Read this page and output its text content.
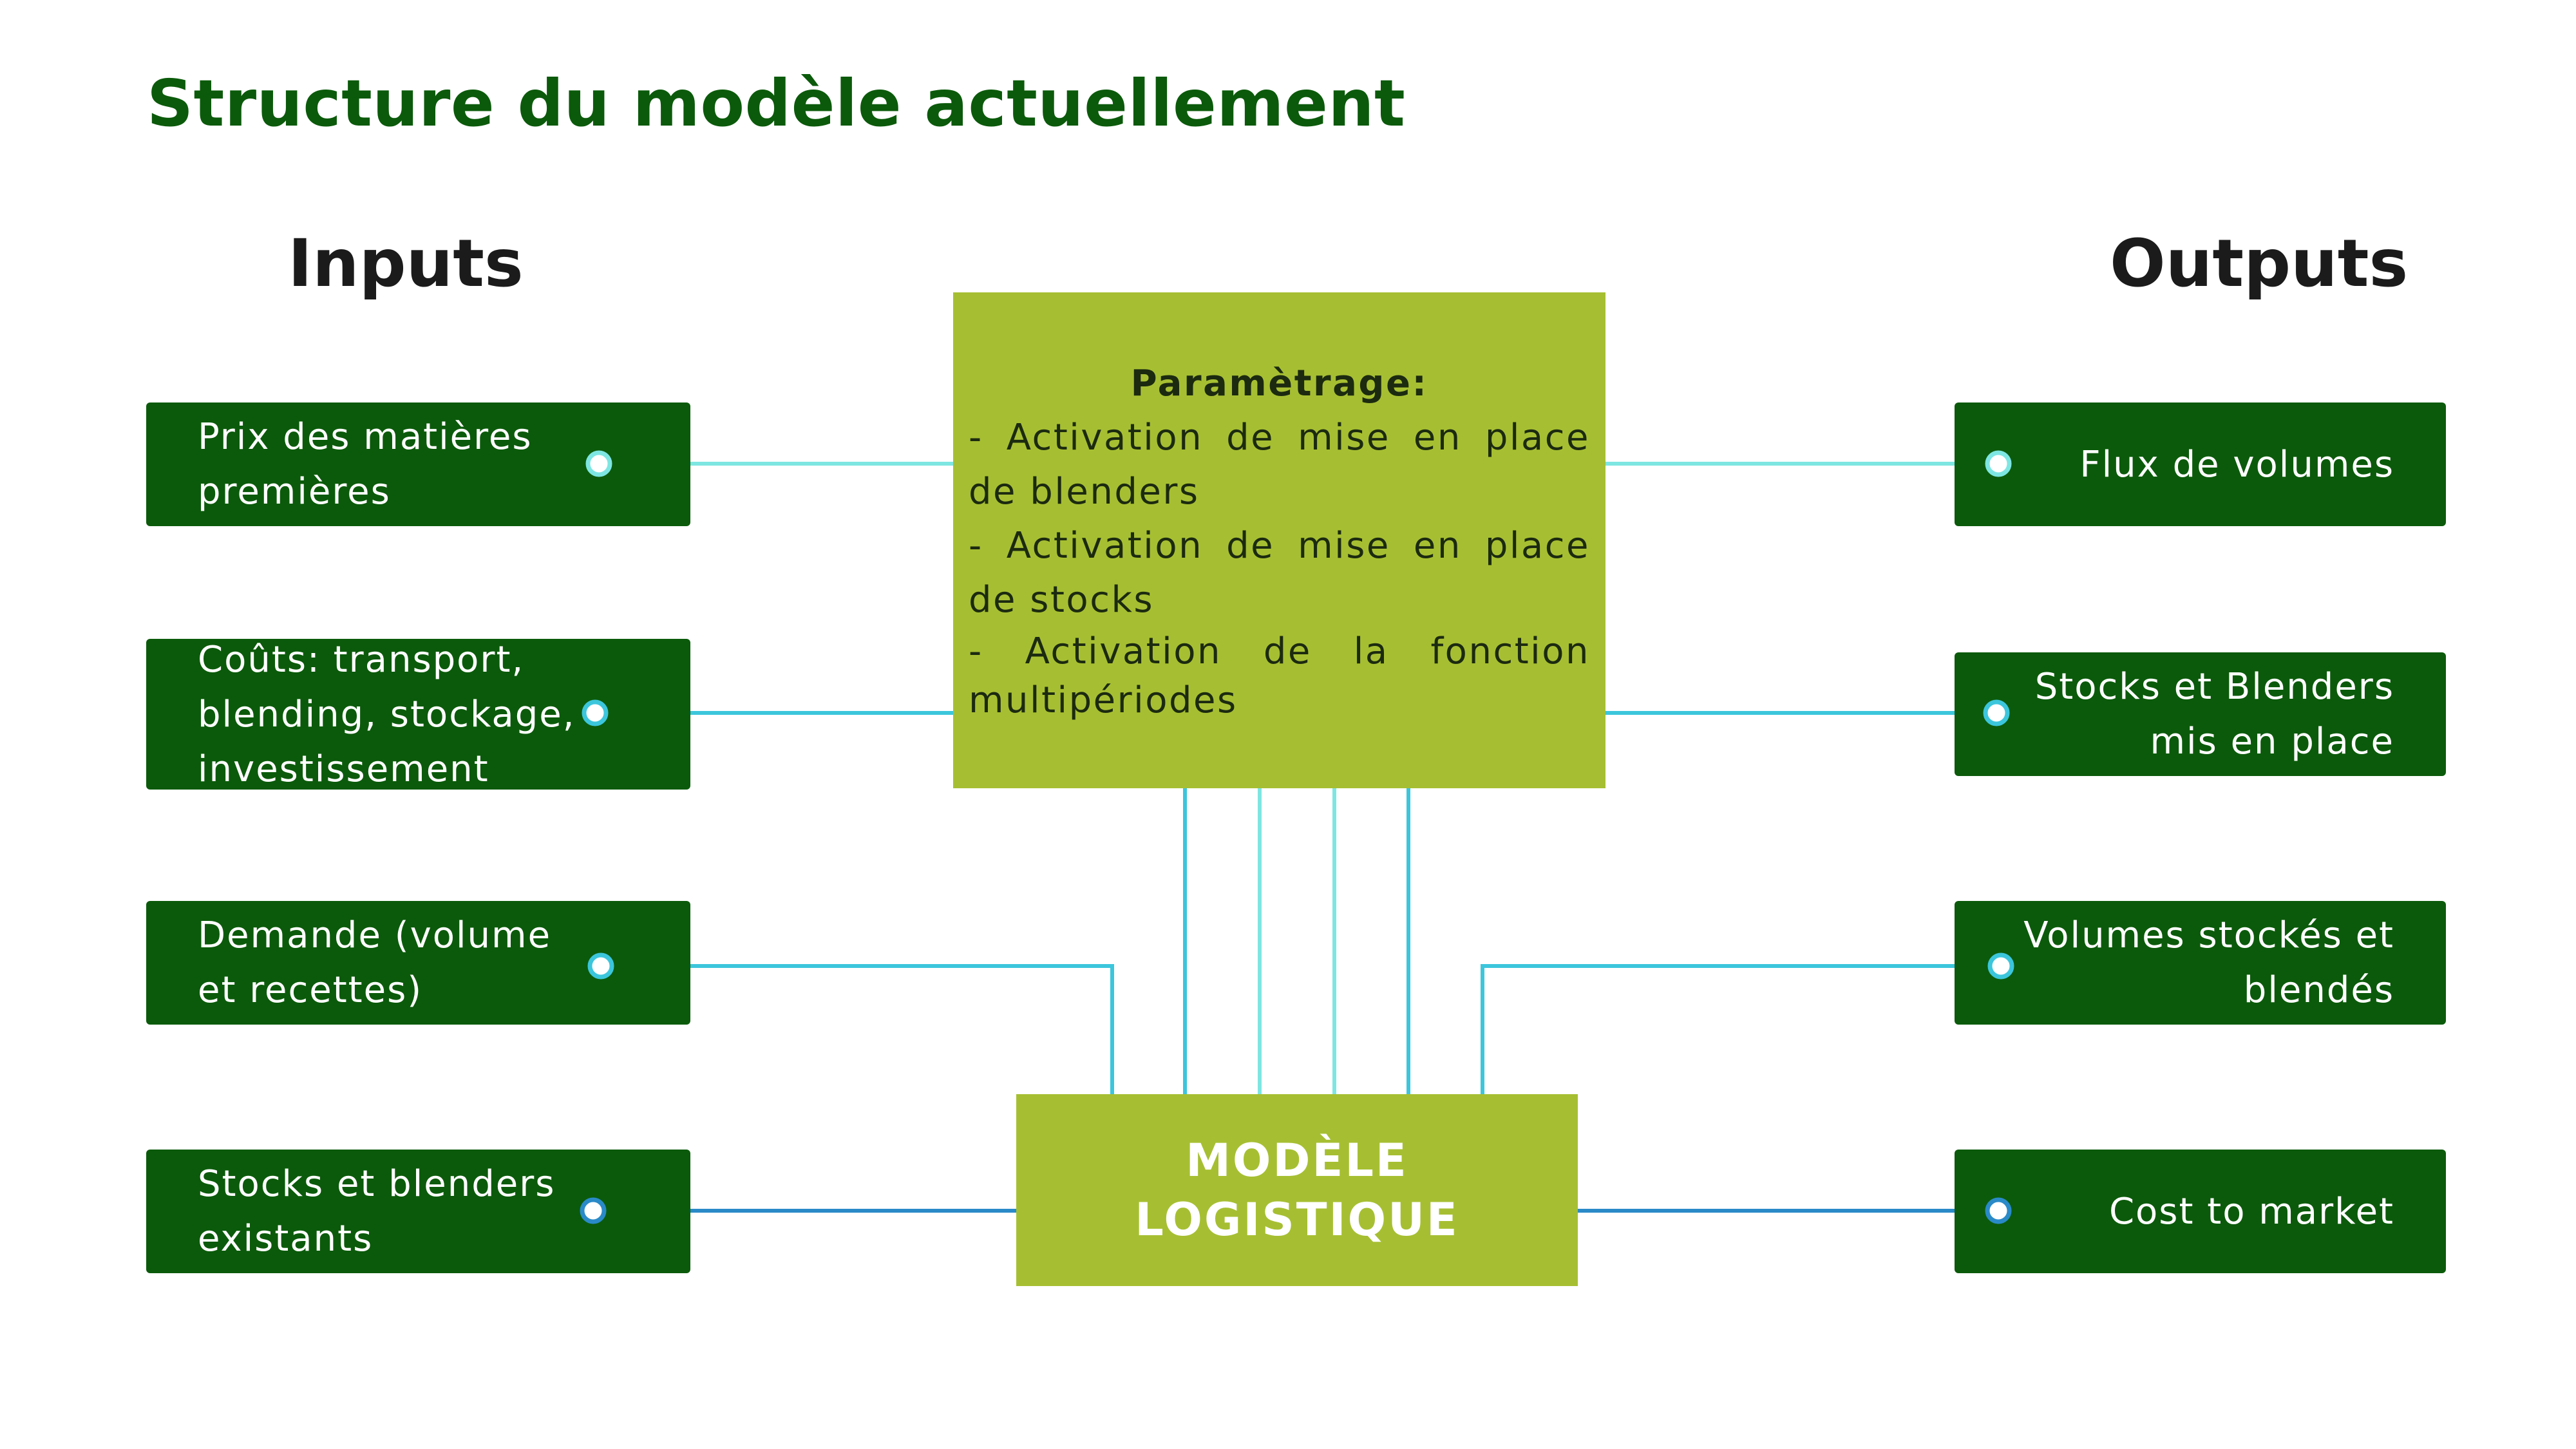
Structure du modèle actuellement
Inputs	Outputs
Prix des matières premières
Coûts: transport, blending, stockage, investissement
Demande (volume et recettes)
Stocks et blenders existants
Flux de volumes
Stocks et Blenders mis en place
Volumes stockés et blendés
Cost to market
Paramètrage:
- Activation de mise en place de blenders
- Activation de mise en place de stocks
- Activation de la fonction multipériodes
MODÈLE
LOGISTIQUE
